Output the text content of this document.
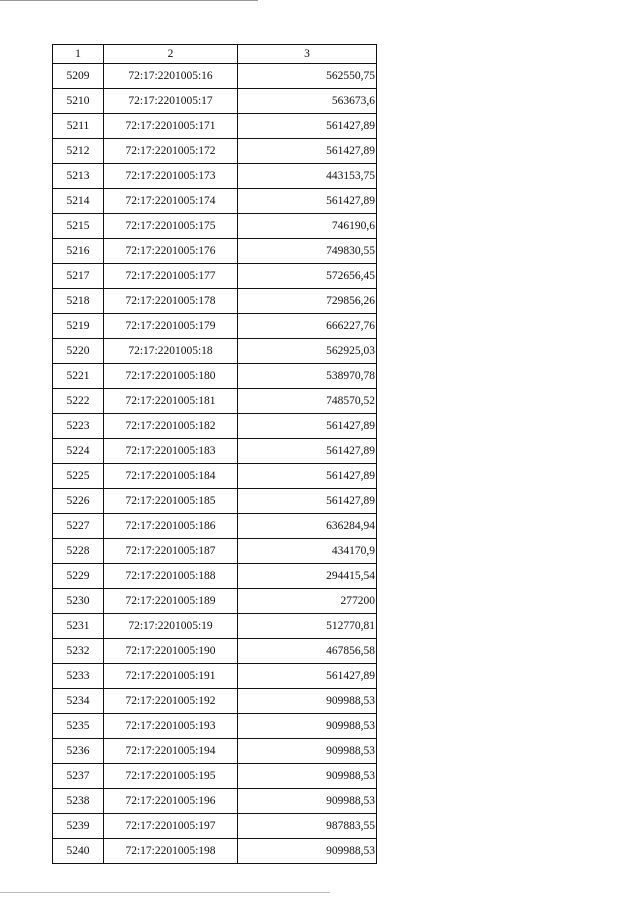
1	2	3
5209	72:17:2201005:16	562550,75
5210	72:17:2201005:17	563673,6
5211	72:17:2201005:171	561427,89
5212	72:17:2201005:172	561427,89
5213	72:17:2201005:173	443153,75
5214	72:17:2201005:174	561427,89
5215	72:17:2201005:175	746190,6
5216	72:17:2201005:176	749830,55
5217	72:17:2201005:177	572656,45
5218	72:17:2201005:178	729856,26
5219	72:17:2201005:179	666227,76
5220	72:17:2201005:18	562925,03
5221	72:17:2201005:180	538970,78
5222	72:17:2201005:181	748570,52
5223	72:17:2201005:182	561427,89
5224	72:17:2201005:183	561427,89
5225	72:17:2201005:184	561427,89
5226	72:17:2201005:185	561427,89
5227	72:17:2201005:186	636284,94
5228	72:17:2201005:187	434170,9
5229	72:17:2201005:188	294415,54
5230	72:17:2201005:189	277200
5231	72:17:2201005:19	512770,81
5232	72:17:2201005:190	467856,58
5233	72:17:2201005:191	561427,89
5234	72:17:2201005:192	909988,53
5235	72:17:2201005:193	909988,53
5236	72:17:2201005:194	909988,53
5237	72:17:2201005:195	909988,53
5238	72:17:2201005:196	909988,53
5239	72:17:2201005:197	987883,55
5240	72:17:2201005:198	909988,53
